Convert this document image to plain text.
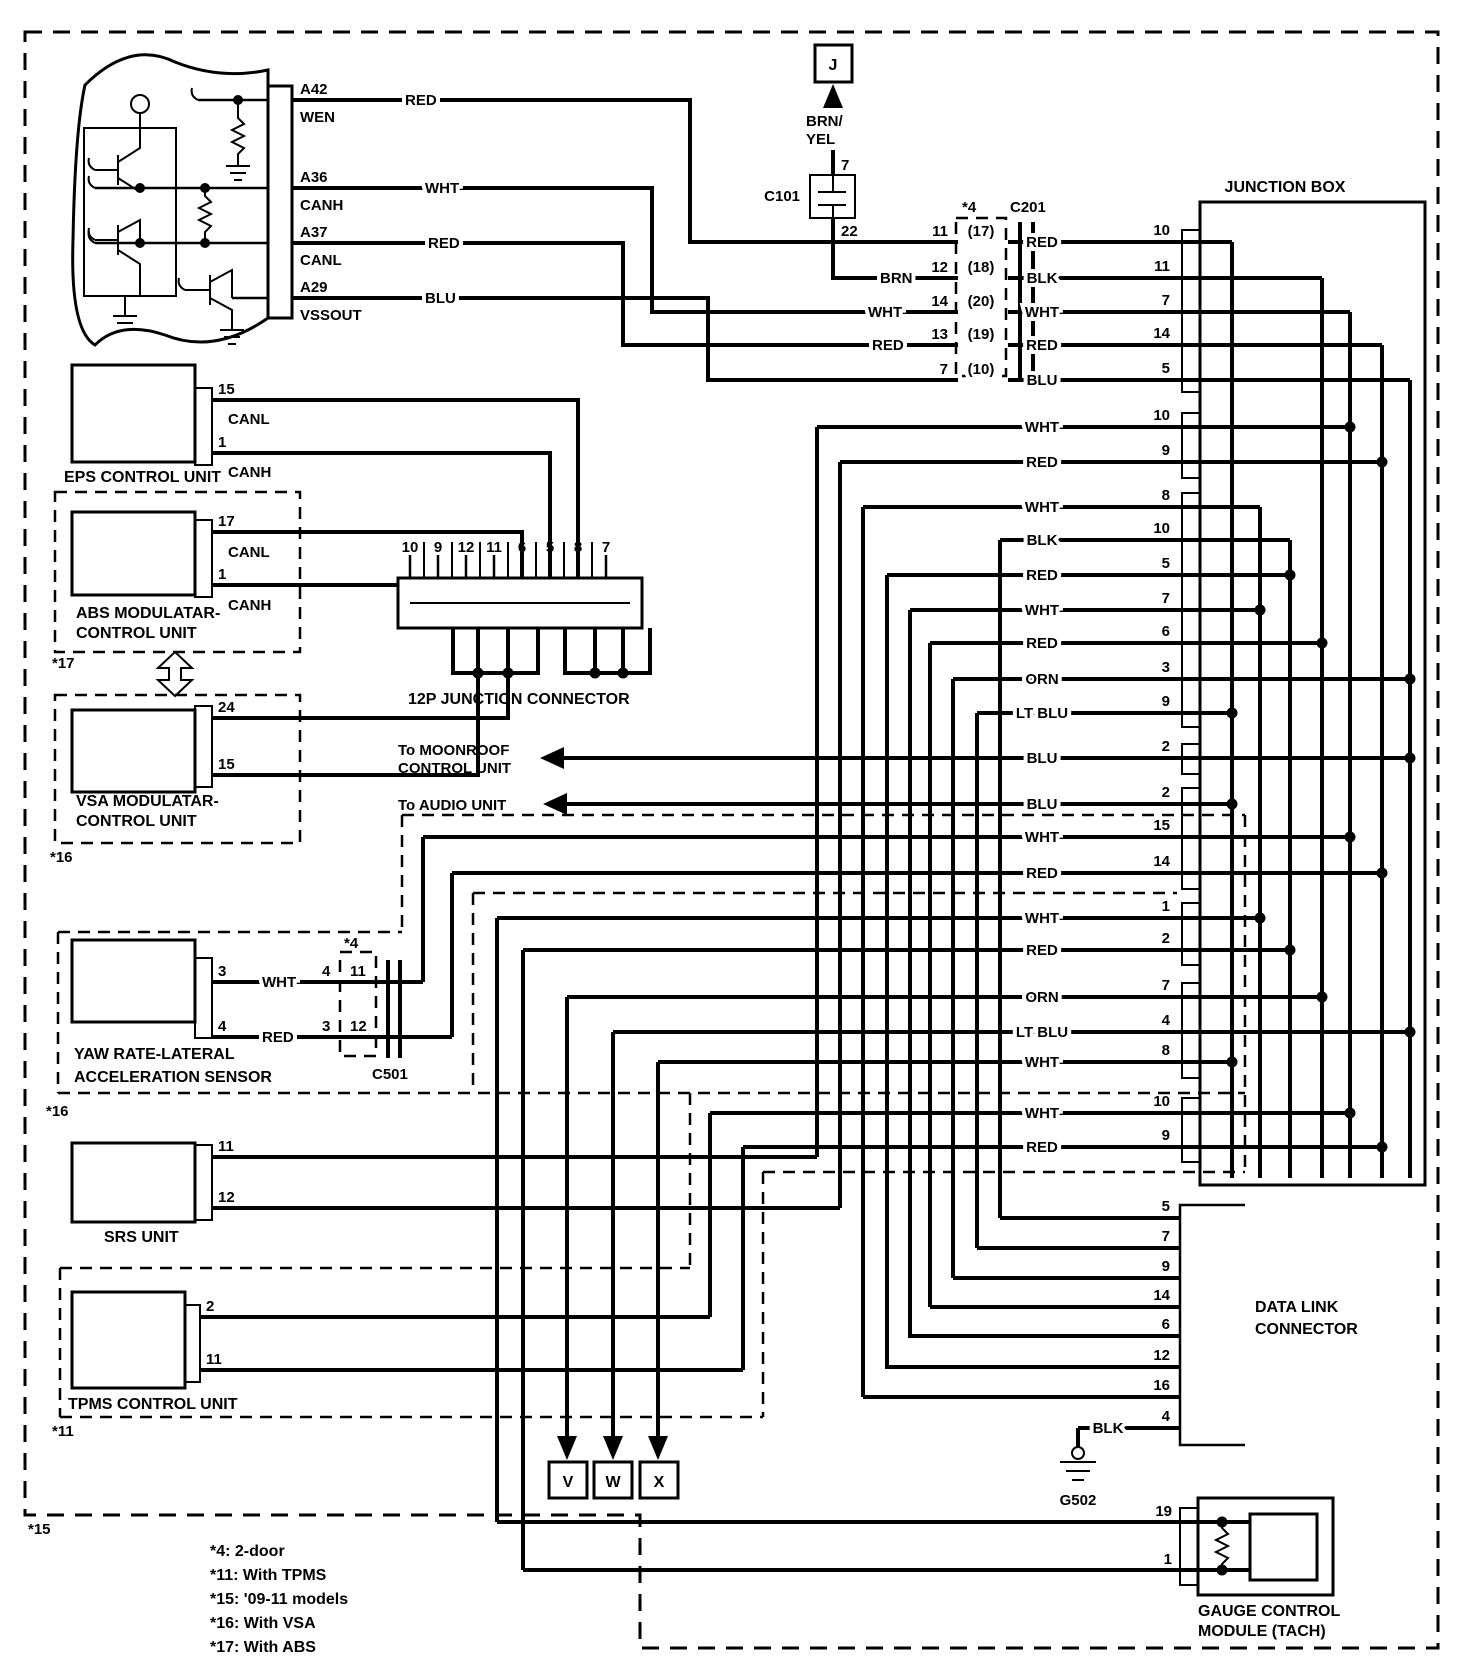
*15
A42
WEN
A36
CANH
A37
CANL
A29
VSSOUT
RED
WHT
RED
BLU
WHT
RED
J
BRN/
YEL
7
C101
22
BRN
*4 C201
11 (17)
12 (18)
14 (20)
13 (19)
7 (10)
15
CANL
1
CANH
EPS CONTROL UNIT
17
CANL
1
CANH
ABS MODULATAR-
CONTROL UNIT
*17
24
15
VSA MODULATAR-
CONTROL UNIT
*16
10 9 12 11 6 5 8 7
12P JUNCTION CONNECTOR
To MOONROOF
CONTROL UNIT
To AUDIO UNIT
*4
3
WHT
4 11
4
RED
3 12
C501
YAW RATE-LATERAL
ACCELERATION SENSOR
*16
11
12
SRS UNIT
2
11
TPMS CONTROL UNIT
*11
V W X
JUNCTION BOX
RED
10
BLK
11
WHT
7
RED
14
BLU
5
WHT
10
RED
9
WHT
8
BLK
10
RED
5
WHT
7
RED
6
ORN
3
LT BLU
9
BLU
2
BLU
2
WHT
15
RED
14
WHT
1
RED
2
ORN
7
LT BLU
4
WHT
8
WHT
10
RED
9
5
7
9
14
6
12
16
4
DATA LINK
CONNECTOR
BLK
G502
19
1
GAUGE CONTROL
MODULE (TACH)
*4: 2-door
*11: With TPMS
*15: '09-11 models
*16: With VSA
*17: With ABS
